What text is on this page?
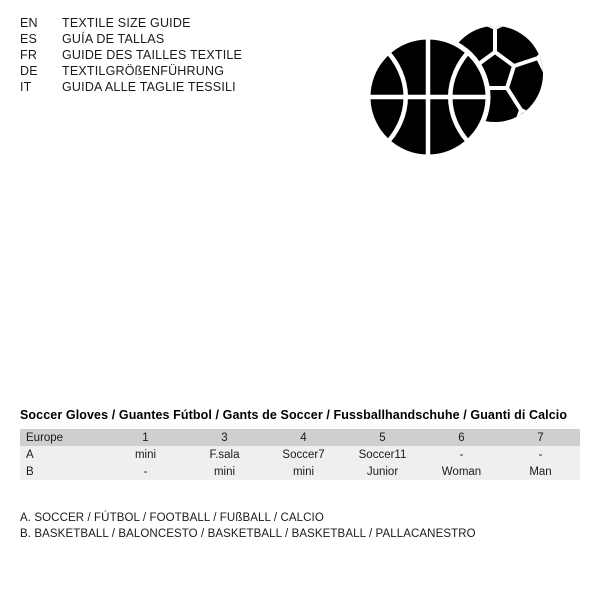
EN	TEXTILE SIZE GUIDE
ES	GUÍA DE TALLAS
FR	GUIDE DES TAILLES TEXTILE
DE	TEXTILGRÖßENFÜHRUNG
IT	GUIDA ALLE TAGLIE TESSILI
Soccer Gloves / Guantes Fútbol / Gants de Soccer / Fussballhandschuhe / Guanti di Calcio
Europe	1	3	4	5	6	7
A	mini	F.sala	Soccer7	Soccer11	-	-
B	-	mini	mini	Junior	Woman	Man
A. SOCCER / FÚTBOL / FOOTBALL / FUßBALL / CALCIO
B. BASKETBALL / BALONCESTO / BASKETBALL / BASKETBALL / PALLACANESTRO
